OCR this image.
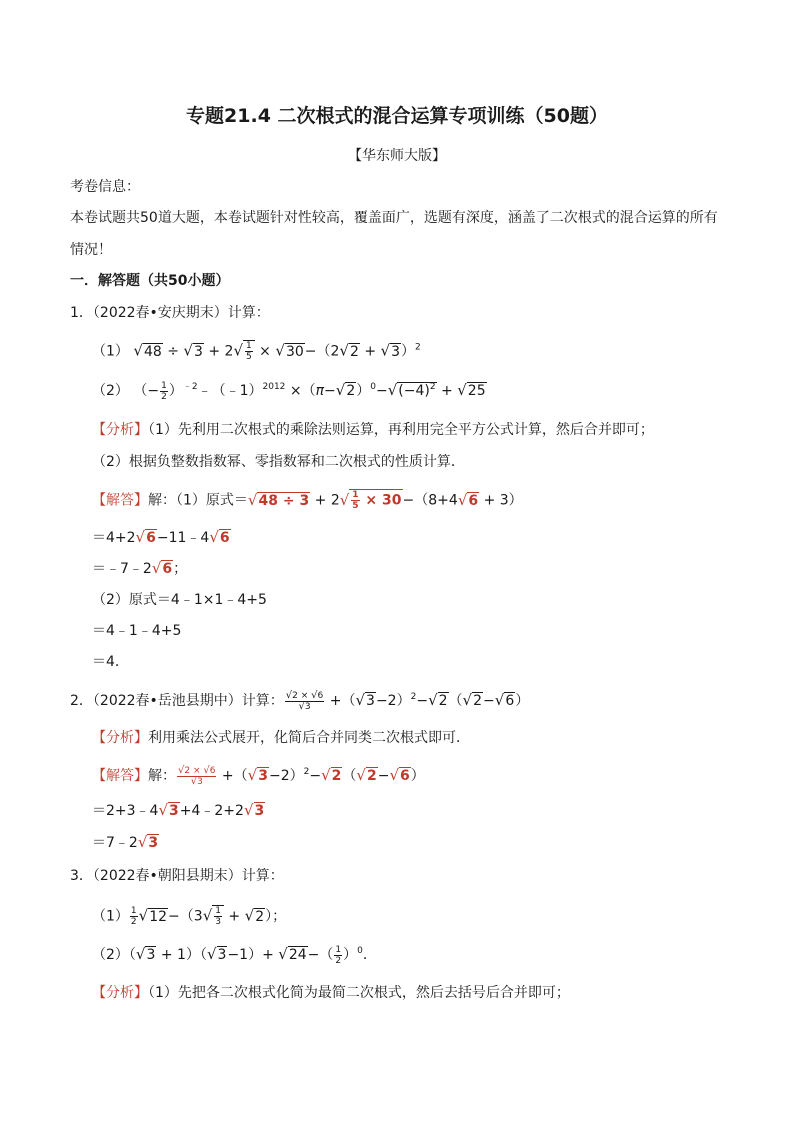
专题21.4 二次根式的混合运算专项训练（50题）
【华东师大版】
考卷信息：
本卷试题共50道大题，本卷试题针对性较高，覆盖面广，选题有深度，涵盖了二次根式的混合运算的所有
情况！
一．解答题（共50小题）
1．（2022春•安庆期末）计算：
（1） $√48 \div √3 + 2√ \frac{1}{5} \times √30-(2√2 + √3)^2$
（2） （− $\frac{1}{2}$ ）$^{﹣2}$﹣（﹣1）$^{2012}$ $\times(\pi-√2)^0-√(-4)^2 + √25$
【分析】（1）先利用二次根式的乘除法则运算，再利用完全平方公式计算，然后合并即可；
（2）根据负整数指数幂、零指数幂和二次根式的性质计算．
【解答】解：（1）原式$=√48 \div 3 + 2√ \frac{1}{5} \times 30-(8+4√6 + 3)$
＝4+2√6−11﹣4√6
＝﹣7﹣2√6；
（2）原式＝4﹣1×1﹣4+5
＝4﹣1﹣4+5
＝4．
2．（2022春•岳池县期中）计算： $\frac{√2 \times √6}{√3} +(√3-2)^2-√2(√2-√6)$
【分析】利用乘法公式展开，化简后合并同类二次根式即可．
【解答】解： $\frac{√2 \times √6}{√3} +(√3-2)^2-√2(√2-√6)$
＝2+3﹣4√3+4﹣2+2√3
＝7﹣2√3
3．（2022春•朝阳县期末）计算：
$(1) \frac{1}{2} √12-(3√ \frac{1}{3} + √2)$；
$(2)(√3 + 1)(√3-1)+ √24-( \frac{1}{2} )^0$．
【分析】（1）先把各二次根式化简为最简二次根式，然后去括号后合并即可；
